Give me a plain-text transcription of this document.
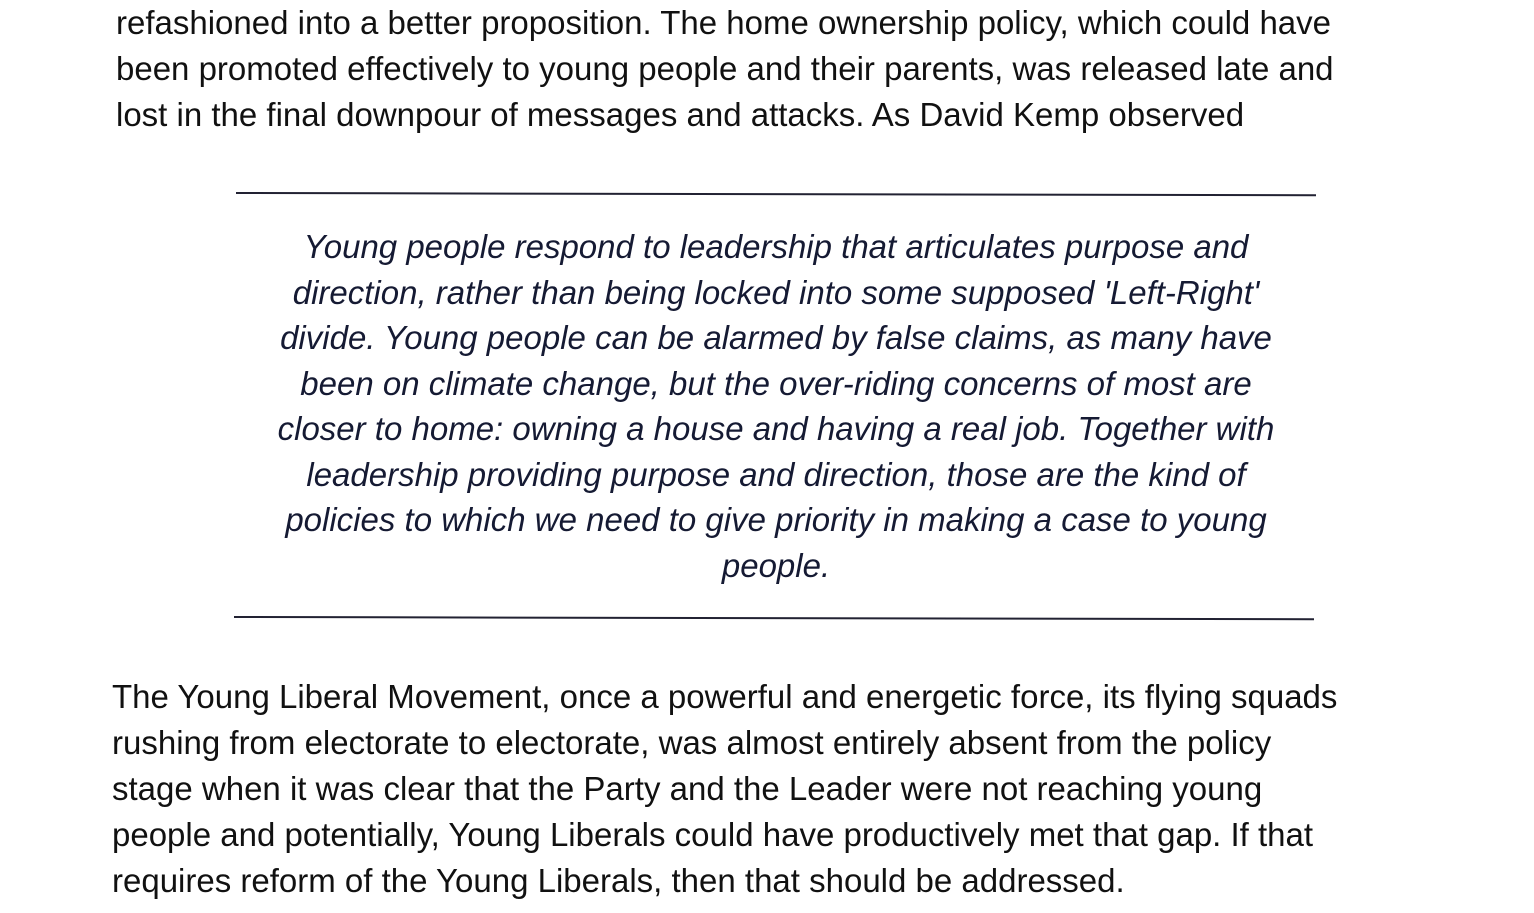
refashioned into a better proposition. The home ownership policy, which could have
been promoted effectively to young people and their parents, was released late and
lost in the final downpour of messages and attacks. As David Kemp observed

Young people respond to leadership that articulates purpose and
direction, rather than being locked into some supposed 'Left-Right'
divide. Young people can be alarmed by false claims, as many have
been on climate change, but the over-riding concerns of most are
closer to home: owning a house and having a real job. Together with
leadership providing purpose and direction, those are the kind of
policies to which we need to give priority in making a case to young
people.

The Young Liberal Movement, once a powerful and energetic force, its flying squads
rushing from electorate to electorate, was almost entirely absent from the policy
stage when it was clear that the Party and the Leader were not reaching young
people and potentially, Young Liberals could have productively met that gap. If that
requires reform of the Young Liberals, then that should be addressed.
